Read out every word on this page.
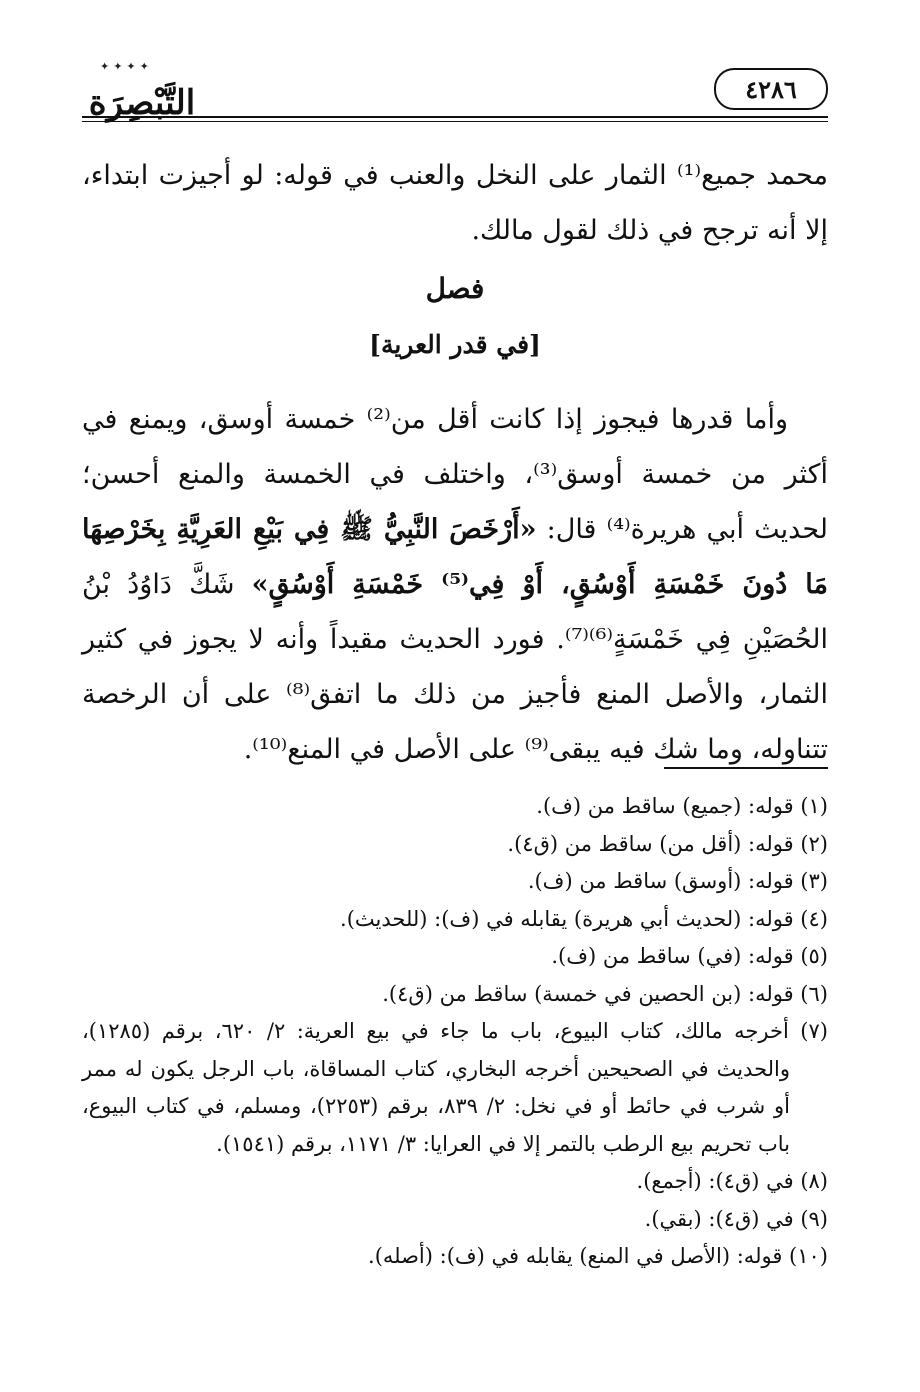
✦✦✦✦
التَّبْصِرَة	٤٢٨٦
محمد جميع⁽¹⁾ الثمار على النخل والعنب في قوله: لو أجيزت ابتداء، إلا أنه ترجح في ذلك لقول مالك.
فصل
[في قدر العرية]

وأما قدرها فيجوز إذا كانت أقل من⁽²⁾ خمسة أوسق، ويمنع في أكثر من خمسة أوسق⁽³⁾، واختلف في الخمسة والمنع أحسن؛ لحديث أبي هريرة⁽⁴⁾ قال: «أَرْخَصَ النَّبِيُّ ﷺ فِي بَيْعِ العَرِيَّةِ بِخَرْصِهَا مَا دُونَ خَمْسَةِ أَوْسُقٍ، أَوْ فِي⁽⁵⁾ خَمْسَةِ أَوْسُقٍ» شَكَّ دَاوُدُ بْنُ الحُصَيْنِ فِي خَمْسَةٍ⁽⁶⁾⁽⁷⁾. فورد الحديث مقيداً وأنه لا يجوز في كثير الثمار، والأصل المنع فأجيز من ذلك ما اتفق⁽⁸⁾ على أن الرخصة تتناوله، وما شك فيه يبقى⁽⁹⁾ على الأصل في المنع⁽¹⁰⁾.

(١) قوله: (جميع) ساقط من (ف).

(٢) قوله: (أقل من) ساقط من (ق٤).

(٣) قوله: (أوسق) ساقط من (ف).

(٤) قوله: (لحديث أبي هريرة) يقابله في (ف): (للحديث).

(٥) قوله: (في) ساقط من (ف).

(٦) قوله: (بن الحصين في خمسة) ساقط من (ق٤).

(٧) أخرجه مالك، كتاب البيوع، باب ما جاء في بيع العرية: ٢/ ٦٢٠، برقم (١٢٨٥)، والحديث في الصحيحين أخرجه البخاري، كتاب المساقاة، باب الرجل يكون له ممر أو شرب في حائط أو في نخل: ٢/ ٨٣٩، برقم (٢٢٥٣)، ومسلم، في كتاب البيوع، باب تحريم بيع الرطب بالتمر إلا في العرايا: ٣/ ١١٧١، برقم (١٥٤١).

(٨) في (ق٤): (أجمع).

(٩) في (ق٤): (بقي).

(١٠) قوله: (الأصل في المنع) يقابله في (ف): (أصله).
